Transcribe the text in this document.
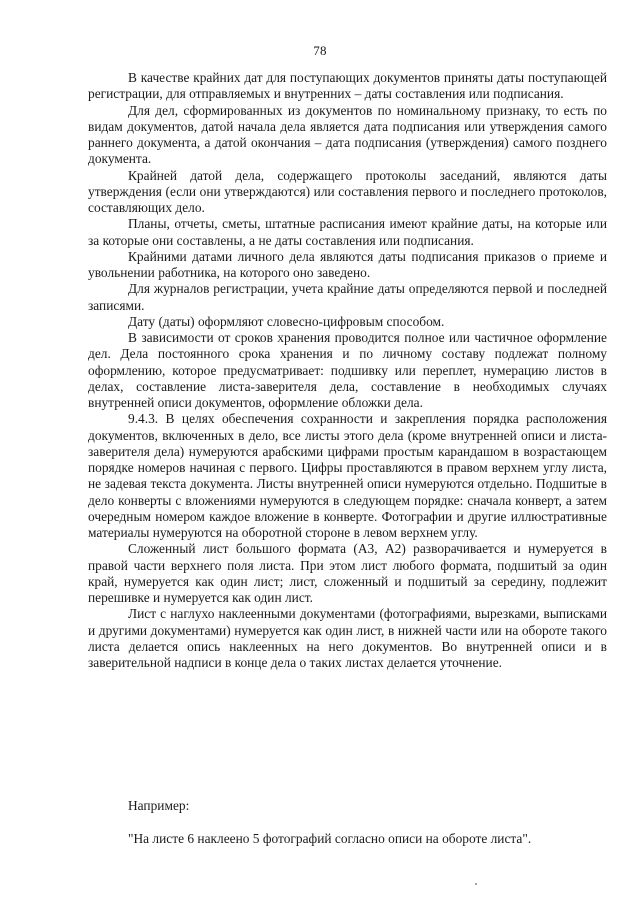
78

В качестве крайних дат для поступающих документов приняты даты поступающей регистрации, для отправляемых и внутренних – даты составления или подписания.

Для дел, сформированных из документов по номинальному признаку, то есть по видам документов, датой начала дела является дата подписания или утверждения самого раннего документа, а датой окончания – дата подписания (утверждения) самого позднего документа.

Крайней датой дела, содержащего протоколы заседаний, являются даты утверждения (если они утверждаются) или составления первого и последнего протоколов, составляющих дело.

Планы, отчеты, сметы, штатные расписания имеют крайние даты, на которые или за которые они составлены, а не даты составления или подписания.

Крайними датами личного дела являются даты подписания приказов о приеме и увольнении работника, на которого оно заведено.

Для журналов регистрации, учета крайние даты определяются первой и последней записями.

Дату (даты) оформляют словесно-цифровым способом.

В зависимости от сроков хранения проводится полное или частичное оформление дел. Дела постоянного срока хранения и по личному составу подлежат полному оформлению, которое предусматривает: подшивку или переплет, нумерацию листов в делах, составление листа-заверителя дела, составление в необходимых случаях внутренней описи документов, оформление обложки дела.

9.4.3. В целях обеспечения сохранности и закрепления порядка расположения документов, включенных в дело, все листы этого дела (кроме внутренней описи и листа-заверителя дела) нумеруются арабскими цифрами простым карандашом в возрастающем порядке номеров начиная с первого. Цифры проставляются в правом верхнем углу листа, не задевая текста документа. Листы внутренней описи нумеруются отдельно. Подшитые в дело конверты с вложениями нумеруются в следующем порядке: сначала конверт, а затем очередным номером каждое вложение в конверте. Фотографии и другие иллюстративные материалы нумеруются на оборотной стороне в левом верхнем углу.

Сложенный лист большого формата (А3, А2) разворачивается и нумеруется в правой части верхнего поля листа. При этом лист любого формата, подшитый за один край, нумеруется как один лист; лист, сложенный и подшитый за середину, подлежит перешивке и нумеруется как один лист.

Лист с наглухо наклеенными документами (фотографиями, вырезками, выписками и другими документами) нумеруется как один лист, в нижней части или на обороте такого листа делается опись наклеенных на него документов. Во внутренней описи и в заверительной надписи в конце дела о таких листах делается уточнение.

Например:

"На листе 6 наклеено 5 фотографий согласно описи на обороте листа".
